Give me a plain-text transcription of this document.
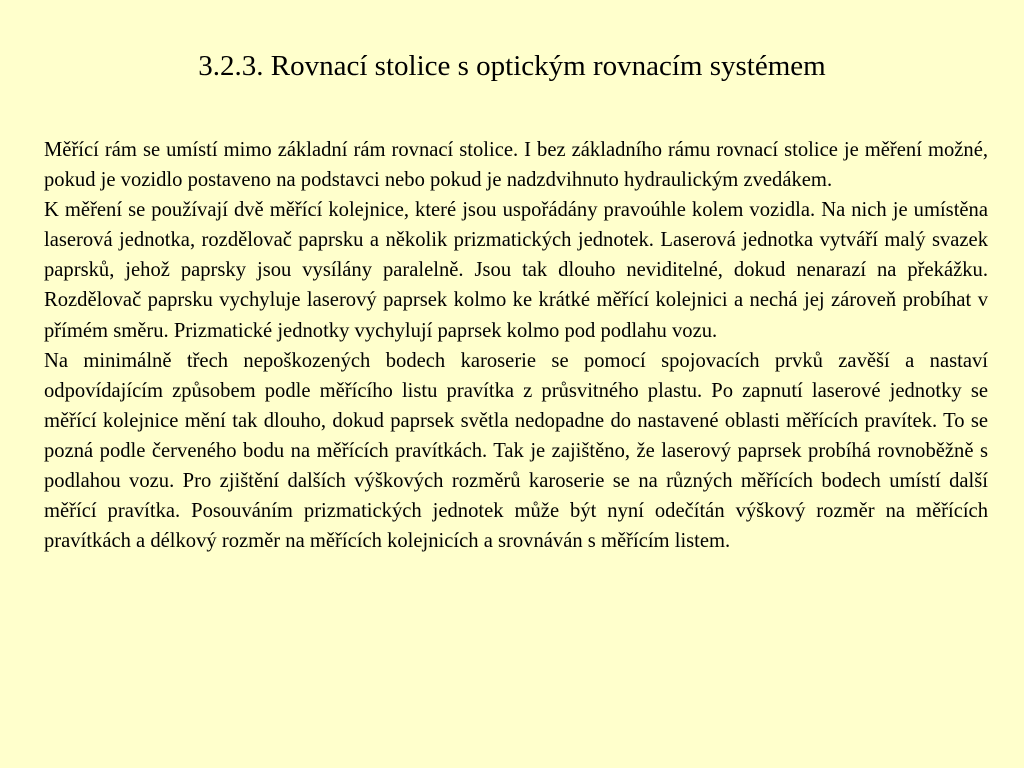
3.2.3. Rovnací stolice s optickým rovnacím systémem

Měřící rám se umístí mimo základní rám rovnací stolice. I bez základního rámu rovnací stolice je měření možné, pokud je vozidlo postaveno na podstavci nebo pokud je nadzdvihnuto hydraulickým zvedákem.

K měření se používají dvě měřící kolejnice, které jsou uspořádány pravoúhle kolem vozidla. Na nich je umístěna laserová jednotka, rozdělovač paprsku a několik prizmatických jednotek. Laserová jednotka vytváří malý svazek paprsků, jehož paprsky jsou vysílány paralelně. Jsou tak dlouho neviditelné, dokud nenarazí na překážku. Rozdělovač paprsku vychyluje laserový paprsek kolmo ke krátké měřící kolejnici a nechá jej zároveň probíhat v přímém směru. Prizmatické jednotky vychylují paprsek kolmo pod podlahu vozu.

Na minimálně třech nepoškozených bodech karoserie se pomocí spojovacích prvků zavěší a nastaví odpovídajícím způsobem podle měřícího listu pravítka z průsvitného plastu. Po zapnutí laserové jednotky se měřící kolejnice mění tak dlouho, dokud paprsek světla nedopadne do nastavené oblasti měřících pravítek. To se pozná podle červeného bodu na měřících pravítkách. Tak je zajištěno, že laserový paprsek probíhá rovnoběžně s podlahou vozu. Pro zjištění dalších výškových rozměrů karoserie se na různých měřících bodech umístí další měřící pravítka. Posouváním prizmatických jednotek může být nyní odečítán výškový rozměr na měřících pravítkách a délkový rozměr na měřících kolejnicích a srovnáván s měřícím listem.
